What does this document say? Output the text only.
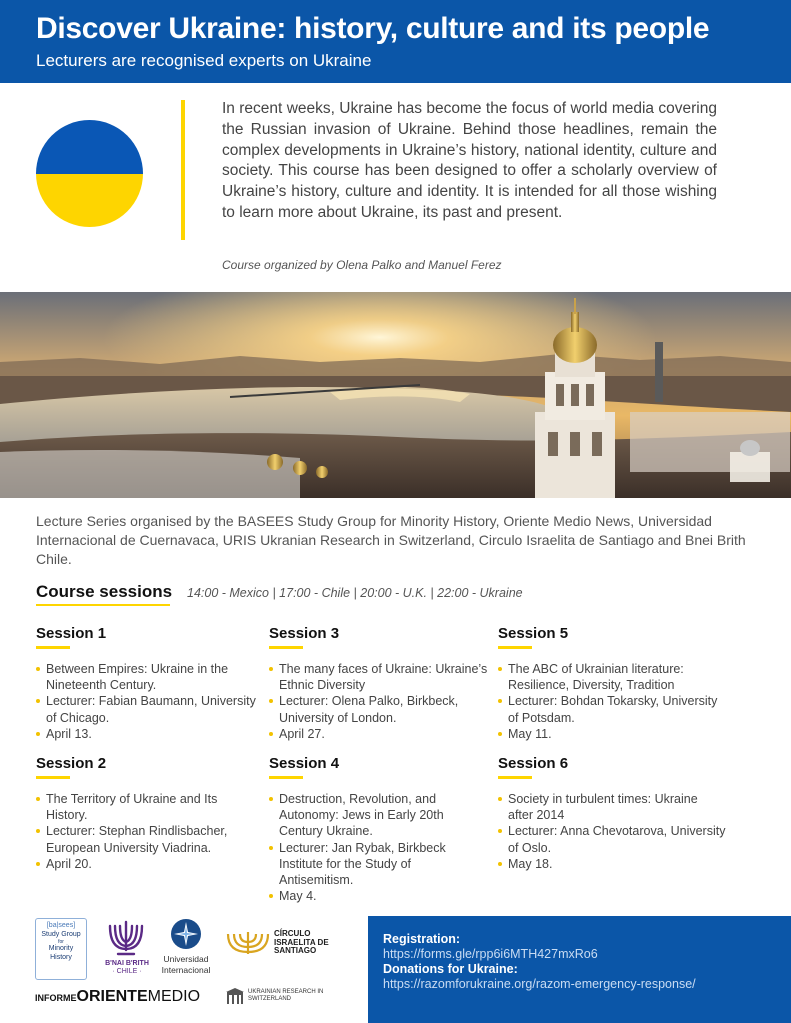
Discover Ukraine: history, culture and its people
Lecturers are recognised experts on Ukraine

In recent weeks, Ukraine has become the focus of world media covering the Russian invasion of Ukraine. Behind those headlines, remain the complex developments in Ukraine’s history, national identity, culture and society. This course has been designed to offer a scholarly overview of Ukraine’s history, culture and identity. It is intended for all those wishing to learn more about Ukraine, its past and present.

Course organized by Olena Palko and Manuel Ferez

Lecture Series organised by the BASEES Study Group for Minority History, Oriente Medio News, Universidad Internacional de Cuernavaca, URIS Ukranian Research in Switzerland, Circulo Israelita de Santiago and Bnei Brith Chile.

Course sessions 14:00 - Mexico | 17:00 - Chile | 20:00 - U.K. | 22:00 - Ukraine
Session 1
Between Empires: Ukraine in the Nineteenth Century.
Lecturer: Fabian Baumann, University of Chicago.
April 13.
Session 2
The Territory of Ukraine and Its History.
Lecturer: Stephan Rindlisbacher, European University Viadrina.
April 20.
Session 3
The many faces of Ukraine: Ukraine’s Ethnic Diversity
Lecturer: Olena Palko, Birkbeck, University of London.
April 27.
Session 4
Destruction, Revolution, and Autonomy: Jews in Early 20th Century Ukraine.
Lecturer: Jan Rybak, Birkbeck Institute for the Study of Antisemitism.
May 4.
Session 5
The ABC of Ukrainian literature: Resilience, Diversity, Tradition
Lecturer: Bohdan Tokarsky, University of Potsdam.
May 11.
Session 6
Society in turbulent times: Ukraine after 2014
Lecturer: Anna Chevotarova, University of Oslo.
May 18.
[ba|sees]
Study Group
for
Minority
History
B'NAI B'RITH
· CHILE ·
Universidad
Internacional
CÍRCULO
ISRAELITA DE
SANTIAGO
INFORMEORIENTEMEDIO	UKRAINIAN RESEARCH IN
SWITZERLAND
Registration:
https://forms.gle/rpp6i6MTH427mxRo6
Donations for Ukraine:
https://razomforukraine.org/razom-emergency-response/
